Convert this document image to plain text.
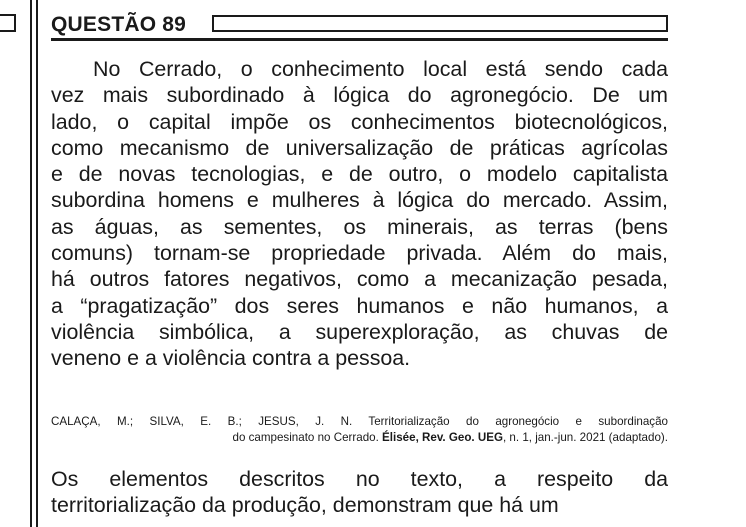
QUESTÃO 89
No Cerrado, o conhecimento local está sendo cada
vez mais subordinado à lógica do agronegócio. De um
lado, o capital impõe os conhecimentos biotecnológicos,
como mecanismo de universalização de práticas agrícolas
e de novas tecnologias, e de outro, o modelo capitalista
subordina homens e mulheres à lógica do mercado. Assim,
as águas, as sementes, os minerais, as terras (bens
comuns) tornam-se propriedade privada. Além do mais,
há outros fatores negativos, como a mecanização pesada,
a “pragatização” dos seres humanos e não humanos, a
violência simbólica, a superexploração, as chuvas de
veneno e a violência contra a pessoa.
CALAÇA, M.; SILVA, E. B.; JESUS, J. N. Territorialização do agronegócio e subordinação
do campesinato no Cerrado. Élisée, Rev. Geo. UEG, n. 1, jan.-jun. 2021 (adaptado).
Os elementos descritos no texto, a respeito da
territorialização da produção, demonstram que há um
